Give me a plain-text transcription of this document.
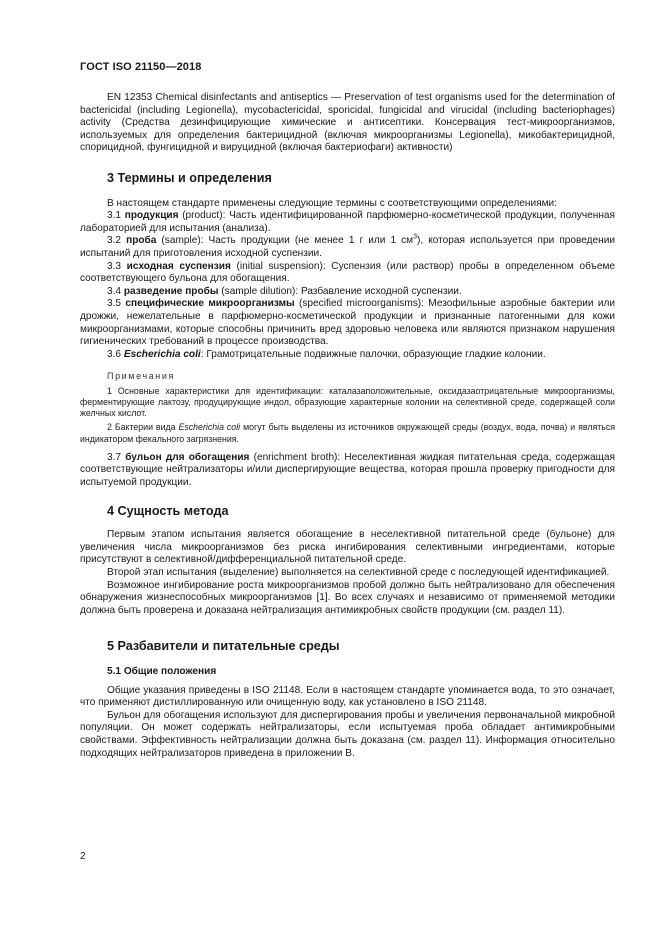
ГОСТ ISO 21150—2018

EN 12353 Chemical disinfectants and antiseptics — Preservation of test organisms used for the determination of bactericidal (including Legionella), mycobactericidal, sporicidal, fungicidal and virucidal (including bacteriophages) activity (Средства дезинфицирующие химические и антисептики. Консервация тест-микроорганизмов, используемых для определения бактерицидной (включая микроорганизмы Legionella), микобактерицидной, спорицидной, фунгицидной и вируцидной (включая бактериофаги) активности)

3 Термины и определения

В настоящем стандарте применены следующие термины с соответствующими определениями:

3.1 продукция (product): Часть идентифицированной парфюмерно-косметической продукции, полученная лабораторией для испытания (анализа).

3.2 проба (sample): Часть продукции (не менее 1 г или 1 $см^3$), которая используется при проведении испытаний для приготовления исходной суспензии.

3.3 исходная суспензия (initial suspension): Суспензия (или раствор) пробы в определенном объеме соответствующего бульона для обогащения.

3.4 разведение пробы (sample dilution): Разбавление исходной суспензии.

3.5 специфические микроорганизмы (specified microorganisms): Мезофильные аэробные бактерии или дрожжи, нежелательные в парфюмерно-косметической продукции и признанные патогенными для кожи микроорганизмами, которые способны причинить вред здоровью человека или являются признаком нарушения гигиенических требований в процессе производства.

3.6 Escherichia coli: Грамотрицательные подвижные палочки, образующие гладкие колонии.

Примечания

1 Основные характеристики для идентификации: каталазаположительные, оксидазаотрицательные микроорганизмы, ферментирующие лактозу, продуцирующие индол, образующие характерные колонии на селективной среде, содержащей соли желчных кислот.

2 Бактерии вида Escherichia coli могут быть выделены из источников окружающей среды (воздух, вода, почва) и являться индикатором фекального загрязнения.

3.7 бульон для обогащения (enrichment broth): Неселективная жидкая питательная среда, содержащая соответствующие нейтрализаторы и/или диспергирующие вещества, которая прошла проверку пригодности для испытуемой продукции.

4 Сущность метода

Первым этапом испытания является обогащение в неселективной питательной среде (бульоне) для увеличения числа микроорганизмов без риска ингибирования селективными ингредиентами, которые присутствуют в селективной/дифференциальной питательной среде.

Второй этап испытания (выделение) выполняется на селективной среде с последующей идентификацией.

Возможное ингибирование роста микроорганизмов пробой должно быть нейтрализовано для обеспечения обнаружения жизнеспособных микроорганизмов [1]. Во всех случаях и независимо от применяемой методики должна быть проверена и доказана нейтрализация антимикробных свойств продукции (см. раздел 11).

5 Разбавители и питательные среды
5.1 Общие положения

Общие указания приведены в ISO 21148. Если в настоящем стандарте упоминается вода, то это означает, что применяют дистиллированную или очищенную воду, как установлено в ISO 21148.

Бульон для обогащения используют для диспергирования пробы и увеличения первоначальной микробной популяции. Он может содержать нейтрализаторы, если испытуемая проба обладает антимикробными свойствами. Эффективность нейтрализации должна быть доказана (см. раздел 11). Информация относительно подходящих нейтрализаторов приведена в приложении В.

2
